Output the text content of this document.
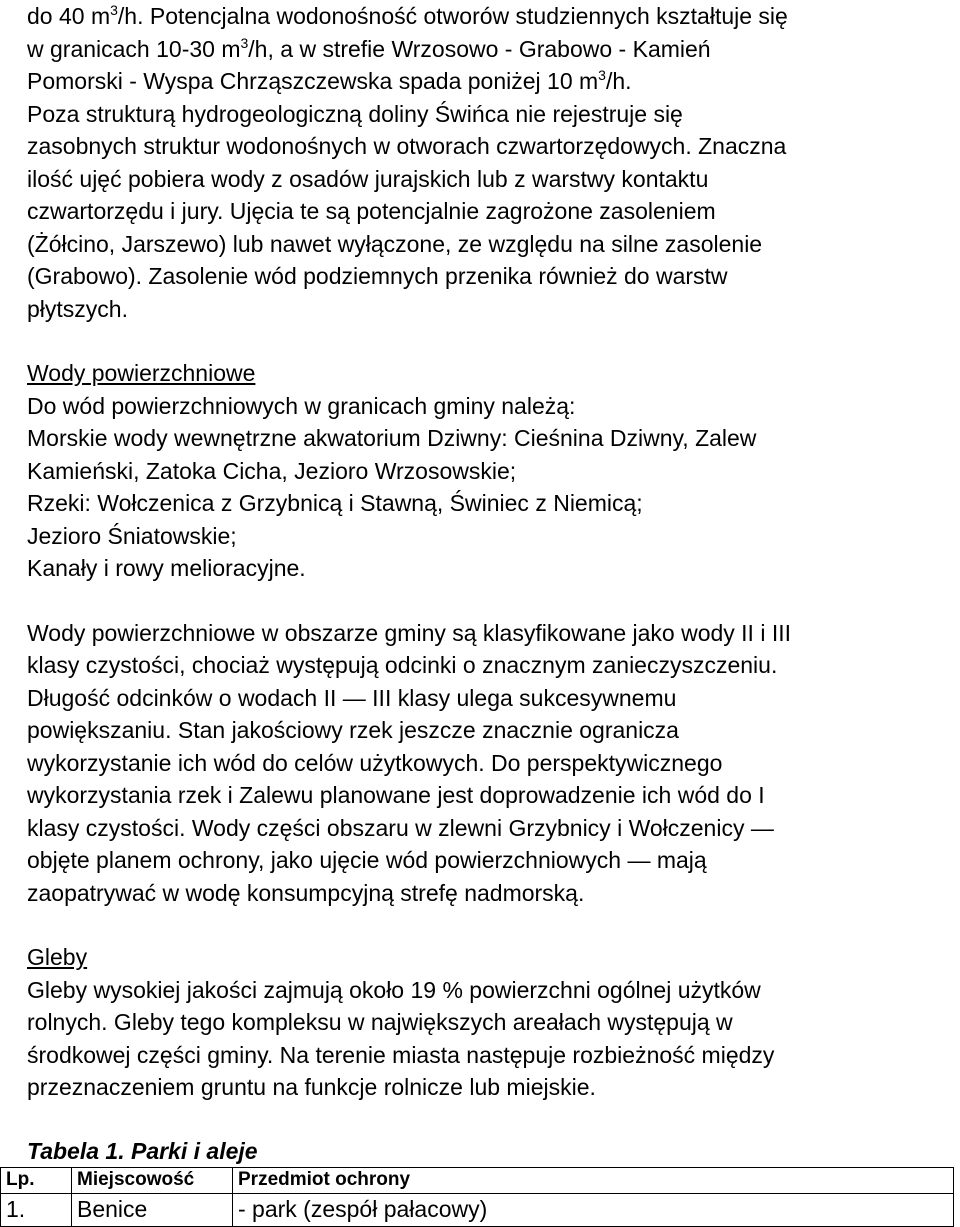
do 40 $m^3/h$. Potencjalna wodonośność otworów studziennych kształtuje się

w granicach 10-30 $m^3/h$, a w strefie Wrzosowo - Grabowo - Kamień

Pomorski - Wyspa Chrząszczewska spada poniżej 10 $m^3/h$.

Poza strukturą hydrogeologiczną doliny Świńca nie rejestruje się

zasobnych struktur wodonośnych w otworach czwartorzędowych. Znaczna

ilość ujęć pobiera wody z osadów jurajskich lub z warstwy kontaktu

czwartorzędu i jury. Ujęcia te są potencjalnie zagrożone zasoleniem

(Żółcino, Jarszewo) lub nawet wyłączone, ze względu na silne zasolenie

(Grabowo). Zasolenie wód podziemnych przenika również do warstw

płytszych.

Wody powierzchniowe

Do wód powierzchniowych w granicach gminy należą:

Morskie wody wewnętrzne akwatorium Dziwny: Cieśnina Dziwny, Zalew

Kamieński, Zatoka Cicha, Jezioro Wrzosowskie;

Rzeki: Wołczenica z Grzybnicą i Stawną, Świniec z Niemicą;

Jezioro Śniatowskie;

Kanały i rowy melioracyjne.

Wody powierzchniowe w obszarze gminy są klasyfikowane jako wody II i III

klasy czystości, chociaż występują odcinki o znacznym zanieczyszczeniu.

Długość odcinków o wodach II — III klasy ulega sukcesywnemu

powiększaniu. Stan jakościowy rzek jeszcze znacznie ogranicza

wykorzystanie ich wód do celów użytkowych. Do perspektywicznego

wykorzystania rzek i Zalewu planowane jest doprowadzenie ich wód do I

klasy czystości. Wody części obszaru w zlewni Grzybnicy i Wołczenicy —

objęte planem ochrony, jako ujęcie wód powierzchniowych — mają

zaopatrywać w wodę konsumpcyjną strefę nadmorską.

Gleby

Gleby wysokiej jakości zajmują około 19 % powierzchni ogólnej użytków

rolnych. Gleby tego kompleksu w największych areałach występują w

środkowej części gminy. Na terenie miasta następuje rozbieżność między

przeznaczeniem gruntu na funkcje rolnicze lub miejskie.

Tabela 1. Parki i aleje

Lp.	Miejscowość	Przedmiot ochrony
1.	Benice	- park (zespół pałacowy)
